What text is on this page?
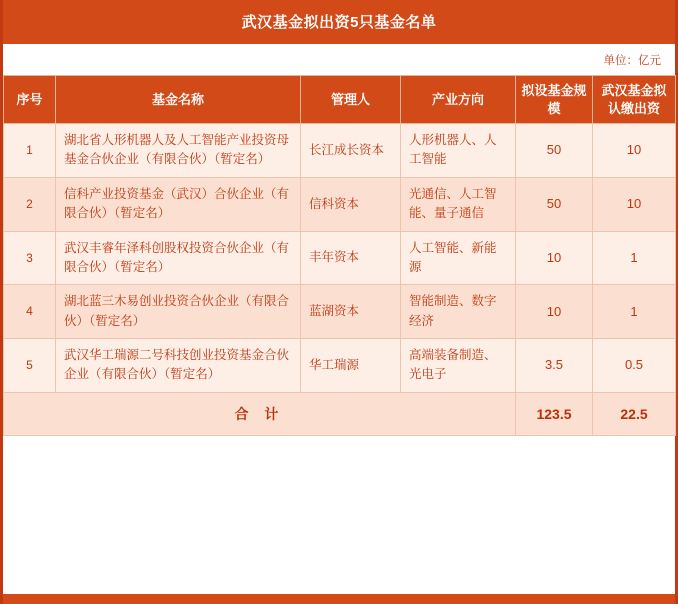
武汉基金拟出资5只基金名单
单位：亿元
序号	基金名称	管理人	产业方向	拟设基金规模	武汉基金拟认缴出资
1	湖北省人形机器人及人工智能产业投资母基金合伙企业（有限合伙）（暂定名）	长江成长资本	人形机器人、人工智能	50	10
2	信科产业投资基金（武汉）合伙企业（有限合伙）（暂定名）	信科资本	光通信、人工智能、量子通信	50	10
3	武汉丰睿年泽科创股权投资合伙企业（有限合伙）（暂定名）	丰年资本	人工智能、新能源	10	1
4	湖北蓝三木易创业投资合伙企业（有限合伙）（暂定名）	蓝湖资本	智能制造、数字经济	10	1
5	武汉华工瑞源二号科技创业投资基金合伙企业（有限合伙）（暂定名）	华工瑞源	高端装备制造、光电子	3.5	0.5
合 计				123.5	22.5
